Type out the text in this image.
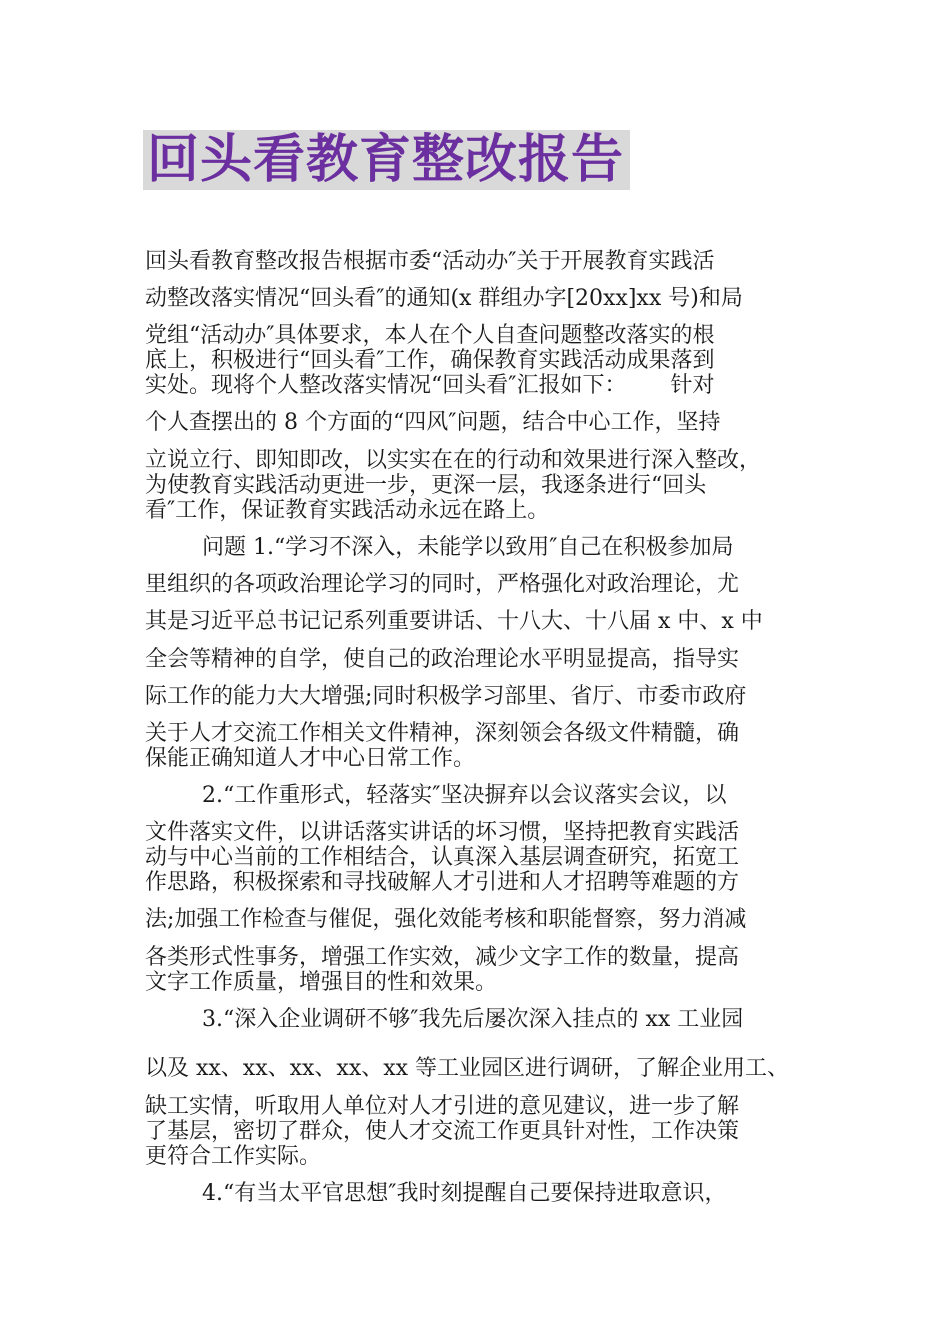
回头看教育整改报告
回头看教育整改报告根据市委“活动办″关于开展教育实践活
动整改落实情况“回头看″的通知(x 群组办字[20xx]xx 号)和局
党组“活动办″具体要求，本人在个人自查问题整改落实的根
底上，积极进行“回头看″工作，确保教育实践活动成果落到
实处。现将个人整改落实情况“回头看″汇报如下： 针对
个人查摆出的 8 个方面的“四风″问题，结合中心工作，坚持
立说立行、即知即改，以实实在在的行动和效果进行深入整改，
为使教育实践活动更进一步，更深一层，我逐条进行“回头
看″工作，保证教育实践活动永远在路上。
问题 1.“学习不深入，未能学以致用″自己在积极参加局
里组织的各项政治理论学习的同时，严格强化对政治理论，尤
其是习近平总书记记系列重要讲话、十八大、十八届 x 中、x 中
全会等精神的自学，使自己的政治理论水平明显提高，指导实
际工作的能力大大增强;同时积极学习部里、省厅、市委市政府
关于人才交流工作相关文件精神，深刻领会各级文件精髓，确
保能正确知道人才中心日常工作。
2.“工作重形式，轻落实″坚决摒弃以会议落实会议，以
文件落实文件，以讲话落实讲话的坏习惯，坚持把教育实践活
动与中心当前的工作相结合，认真深入基层调查研究，拓宽工
作思路，积极探索和寻找破解人才引进和人才招聘等难题的方
法;加强工作检查与催促，强化效能考核和职能督察，努力消减
各类形式性事务，增强工作实效，减少文字工作的数量，提高
文字工作质量，增强目的性和效果。
3.“深入企业调研不够″我先后屡次深入挂点的 xx 工业园
以及 xx、xx、xx、xx、xx 等工业园区进行调研，了解企业用工、
缺工实情，听取用人单位对人才引进的意见建议，进一步了解
了基层，密切了群众，使人才交流工作更具针对性，工作决策
更符合工作实际。
4.“有当太平官思想″我时刻提醒自己要保持进取意识，
